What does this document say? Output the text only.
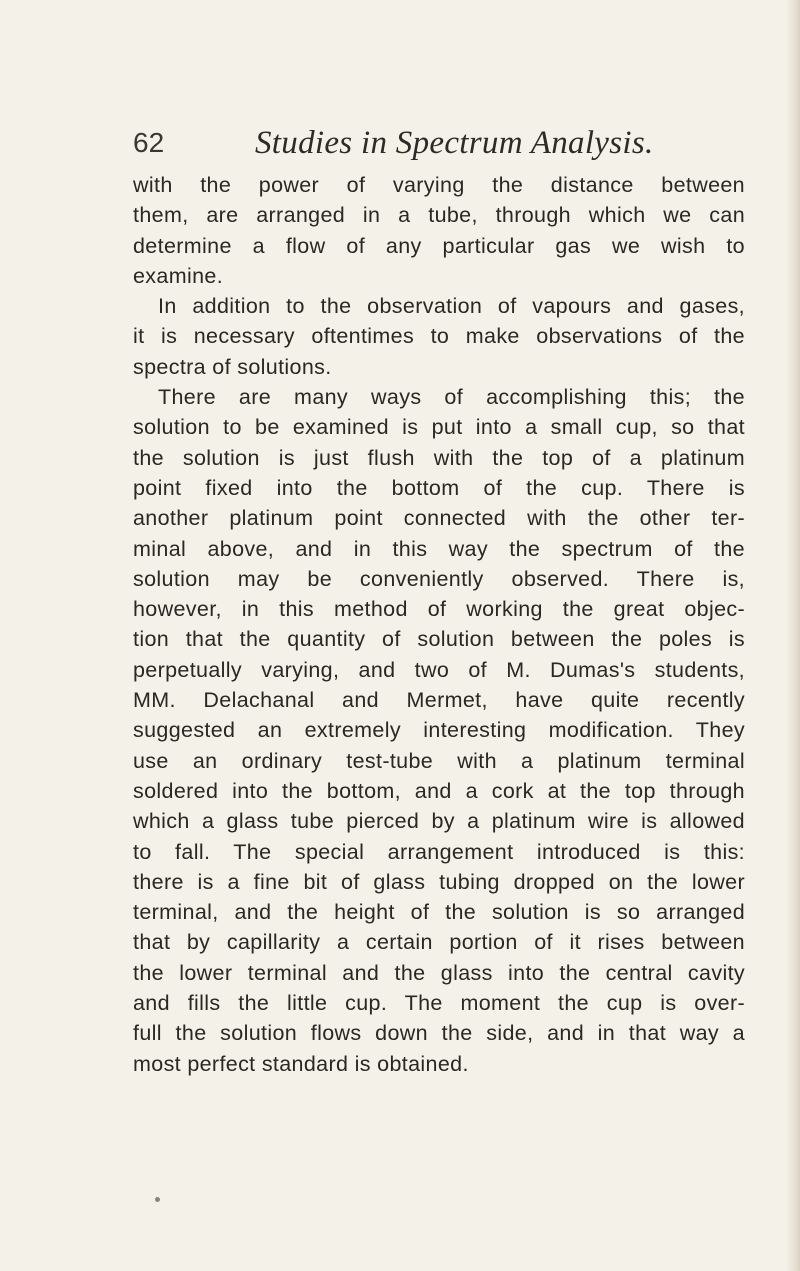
62	Studies in Spectrum Analysis.
with the power of varying the distance between
them, are arranged in a tube, through which we can
determine a flow of any particular gas we wish to
examine.
In addition to the observation of vapours and gases,
it is necessary oftentimes to make observations of the
spectra of solutions.
There are many ways of accomplishing this; the
solution to be examined is put into a small cup, so that
the solution is just flush with the top of a platinum
point fixed into the bottom of the cup. There is
another platinum point connected with the other ter-
minal above, and in this way the spectrum of the
solution may be conveniently observed. There is,
however, in this method of working the great objec-
tion that the quantity of solution between the poles is
perpetually varying, and two of M. Dumas's students,
MM. Delachanal and Mermet, have quite recently
suggested an extremely interesting modification. They
use an ordinary test-tube with a platinum terminal
soldered into the bottom, and a cork at the top through
which a glass tube pierced by a platinum wire is allowed
to fall. The special arrangement introduced is this:
there is a fine bit of glass tubing dropped on the lower
terminal, and the height of the solution is so arranged
that by capillarity a certain portion of it rises between
the lower terminal and the glass into the central cavity
and fills the little cup. The moment the cup is over-
full the solution flows down the side, and in that way a
most perfect standard is obtained.
